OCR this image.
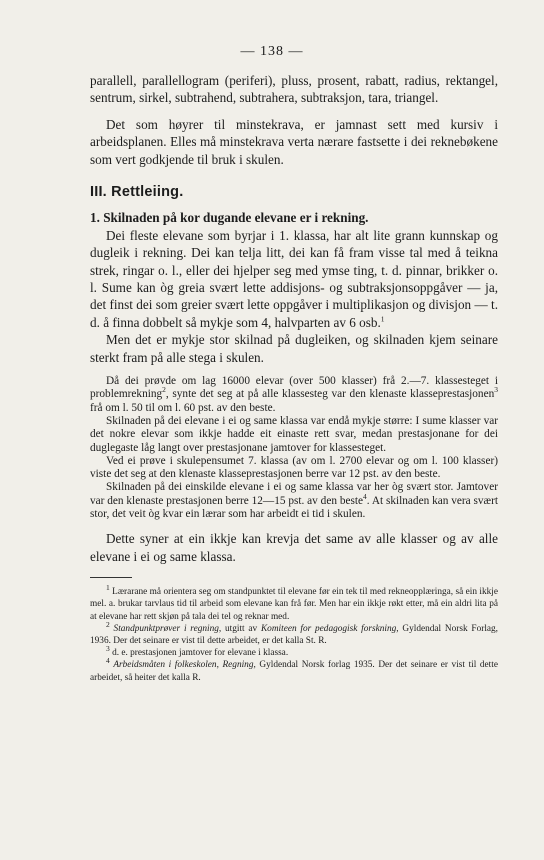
— 138 —

parallell, parallellogram (periferi), pluss, prosent, rabatt, radius, rektangel, sentrum, sirkel, subtrahend, subtrahera, subtraksjon, tara, triangel.

Det som høyrer til minstekrava, er jamnast sett med kursiv i arbeidsplanen. Elles må minstekrava verta nærare fastsette i dei reknebøkene som vert godkjende til bruk i skulen.

III. Rettleiing.

1. Skilnaden på kor dugande elevane er i rekning.

Dei fleste elevane som byrjar i 1. klassa, har alt lite grann kunnskap og dugleik i rekning. Dei kan telja litt, dei kan få fram visse tal med å teikna strek, ringar o. l., eller dei hjelper seg med ymse ting, t. d. pinnar, brikker o. l. Sume kan òg greia svært lette addisjons- og subtraksjonsoppgåver — ja, det finst dei som greier svært lette oppgåver i multiplikasjon og divisjon — t. d. å finna dobbelt så mykje som 4, halvparten av 6 osb.$^1$

Men det er mykje stor skilnad på dugleiken, og skilnaden kjem seinare sterkt fram på alle stega i skulen.

Då dei prøvde om lag 16000 elevar (over 500 klasser) frå 2.—7. klassesteget i problemrekning$^2$, synte det seg at på alle klassesteg var den klenaste klasseprestasjonen$^3$ frå om l. 50 til om l. 60 pst. av den beste.

Skilnaden på dei elevane i ei og same klassa var endå mykje større: I sume klasser var det nokre elevar som ikkje hadde eit einaste rett svar, medan prestasjonane for dei duglegaste låg langt over prestasjonane jamtover for klassesteget.

Ved ei prøve i skulepensumet 7. klassa (av om l. 2700 elevar og om l. 100 klasser) viste det seg at den klenaste klasseprestasjonen berre var 12 pst. av den beste.

Skilnaden på dei einskilde elevane i ei og same klassa var her òg svært stor. Jamtover var den klenaste prestasjonen berre 12—15 pst. av den beste$^4$. At skilnaden kan vera svært stor, det veit òg kvar ein lærar som har arbeidt ei tid i skulen.

Dette syner at ein ikkje kan krevja det same av alle klasser og av alle elevane i ei og same klassa.

$^1$ Lærarane må orientera seg om standpunktet til elevane før ein tek til med rekneopplæringa, så ein ikkje mel. a. brukar tarvlaus tid til arbeid som elevane kan frå før. Men har ein ikkje røkt etter, må ein aldri lita på at elevane har rett skjøn på tala dei tel og reknar med.

$^2$ Standpunktprøver i regning, utgitt av Komiteen for pedagogisk forskning, Gyldendal Norsk Forlag, 1936. Der det seinare er vist til dette arbeidet, er det kalla St. R.

$^3$ d. e. prestasjonen jamtover for elevane i klassa.

$^4$ Arbeidsmåten i folkeskolen, Regning, Gyldendal Norsk forlag 1935. Der det seinare er vist til dette arbeidet, så heiter det kalla R.
